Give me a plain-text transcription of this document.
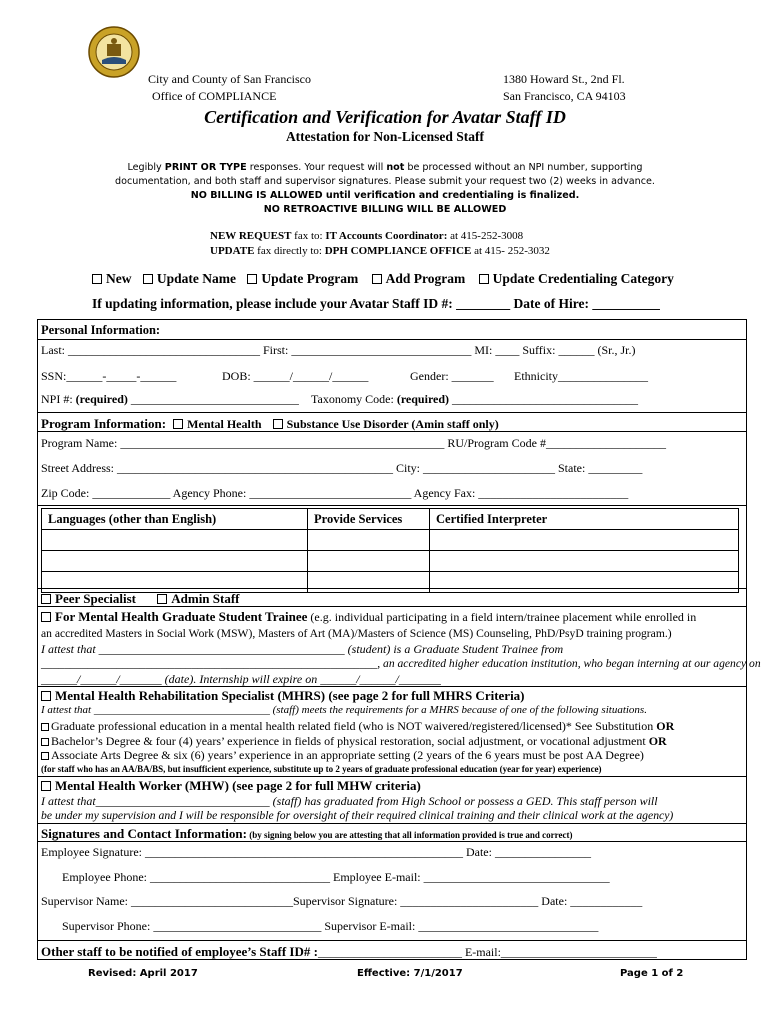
City and County of San Francisco
Office of COMPLIANCE
1380 Howard St., 2nd Fl.
San Francisco, CA 94103
Certification and Verification for Avatar Staff ID
Attestation for Non-Licensed Staff
Legibly PRINT OR TYPE responses. Your request will not be processed without an NPI number, supporting
documentation, and both staff and supervisor signatures. Please submit your request two (2) weeks in advance.
NO BILLING IS ALLOWED until verification and credentialing is finalized.
NO RETROACTIVE BILLING WILL BE ALLOWED
NEW REQUEST fax to: IT Accounts Coordinator: at 415-252-3008
UPDATE fax directly to: DPH COMPLIANCE OFFICE at 415- 252-3032
New Update Name Update Program Add Program Update Credentialing Category
If updating information, please include your Avatar Staff ID #: ________ Date of Hire: __________
Personal Information:
Last: ________________________________ First: ______________________________ MI: ____ Suffix: ______ (Sr., Jr.)
SSN:______-_____-______	DOB: ______/______/______	Gender: _______ Ethnicity_______________
NPI #: (required) ____________________________ Taxonomy Code: (required) _______________________________
Program Information: Mental Health Substance Use Disorder (Amin staff only)
Program Name: ______________________________________________________ RU/Program Code #____________________
Street Address: ______________________________________________ City: ______________________ State: _________
Zip Code: _____________ Agency Phone: ___________________________ Agency Fax: _________________________
Languages (other than English)	Provide Services	Certified Interpreter

Peer Specialist	Admin Staff
For Mental Health Graduate Student Trainee (e.g. individual participating in a field intern/trainee placement while enrolled in
an accredited Masters in Social Work (MSW), Masters of Art (MA)/Masters of Science (MS) Counseling, PhD/PsyD training program.)
I attest that _________________________________________ (student) is a Graduate Student Trainee from
__________________________________________________________, an accredited higher education institution, who began interning at our agency on
______/______/_______ (date). Internship will expire on ______/______/_______
Mental Health Rehabilitation Specialist (MHRS) (see page 2 for full MHRS Criteria)
I attest that ________________________________ (staff) meets the requirements for a MHRS because of one of the following situations.
Graduate professional education in a mental health related field (who is NOT waivered/registered/licensed)* See Substitution OR
Bachelor’s Degree & four (4) years’ experience in fields of physical restoration, social adjustment, or vocational adjustment OR
Associate Arts Degree & six (6) years’ experience in an appropriate setting (2 years of the 6 years must be post AA Degree)
(for staff who has an AA/BA/BS, but insufficient experience, substitute up to 2 years of graduate professional education (year for year) experience)
Mental Health Worker (MHW) (see page 2 for full MHW criteria)
I attest that_____________________________ (staff) has graduated from High School or possess a GED. This staff person will
be under my supervision and I will be responsible for oversight of their required clinical training and their clinical work at the agency)
Signatures and Contact Information: (by signing below you are attesting that all information provided is true and correct)
Employee Signature: _____________________________________________________ Date: ________________
Employee Phone: ______________________________ Employee E-mail: _______________________________
Supervisor Name: ___________________________Supervisor Signature: _______________________ Date: ____________
Supervisor Phone: ____________________________ Supervisor E-mail: ______________________________
Other staff to be notified of employee’s Staff ID# :________________________ E-mail:__________________________
Revised: April 2017	Effective: 7/1/2017	Page 1 of 2
